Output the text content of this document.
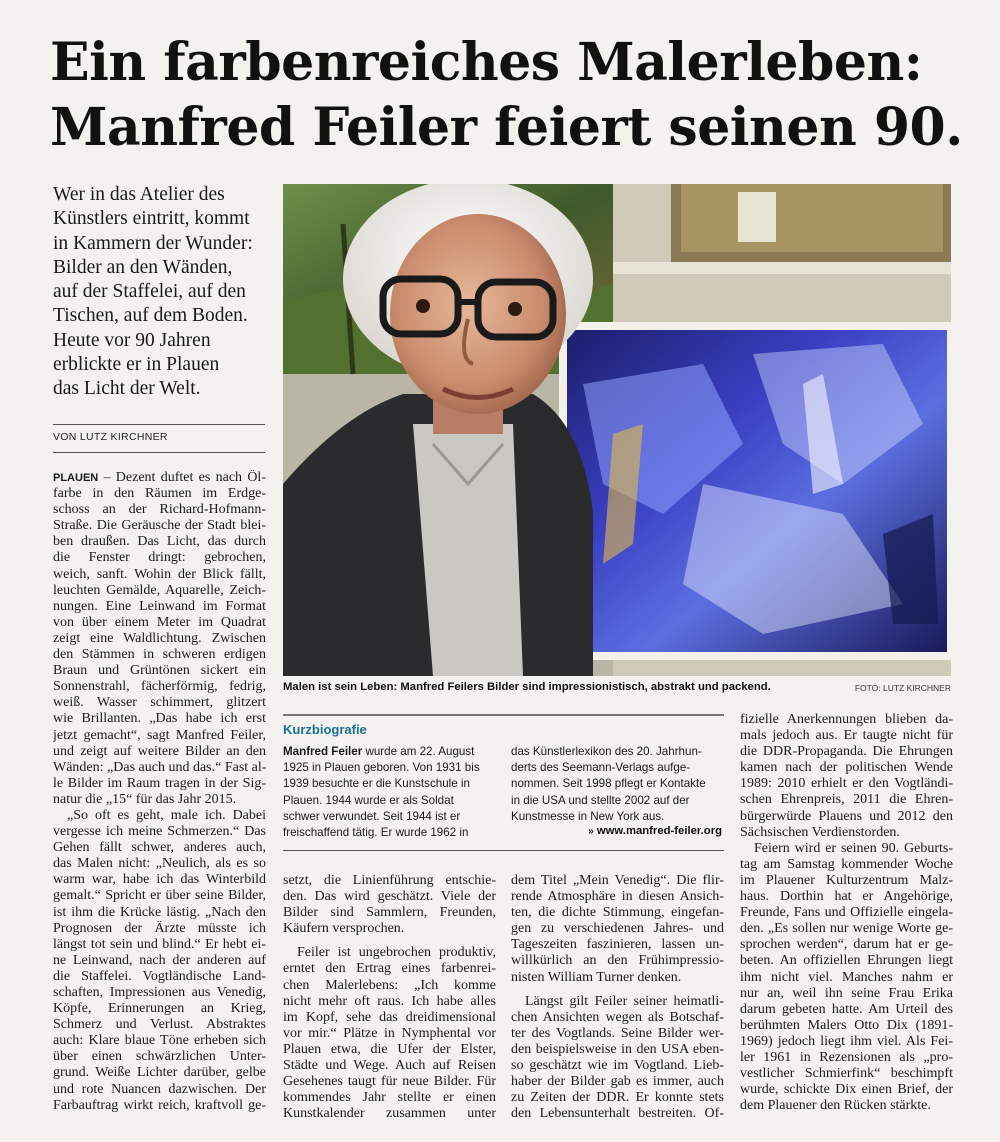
Ein farbenreiches Malerleben:
Manfred Feiler feiert seinen 90.

Wer in das Atelier des
Künstlers eintritt, kommt
in Kammern der Wunder:
Bilder an den Wänden,
auf der Staffelei, auf den
Tischen, auf dem Boden.
Heute vor 90 Jahren
erblickte er in Plauen
das Licht der Welt.

VON LUTZ KIRCHNER

PLAUEN – Dezent duftet es nach Öl-
farbe in den Räumen im Erdge-
schoss an der Richard-Hofmann-
Straße. Die Geräusche der Stadt blei-
ben draußen. Das Licht, das durch
die Fenster dringt: gebrochen,
weich, sanft. Wohin der Blick fällt,
leuchten Gemälde, Aquarelle, Zeich-
nungen. Eine Leinwand im Format
von über einem Meter im Quadrat
zeigt eine Waldlichtung. Zwischen
den Stämmen in schweren erdigen
Braun und Grüntönen sickert ein
Sonnenstrahl, fächerförmig, fedrig,
weiß. Wasser schimmert, glitzert
wie Brillanten. „Das habe ich erst
jetzt gemacht“, sagt Manfred Feiler,
und zeigt auf weitere Bilder an den
Wänden: „Das auch und das.“ Fast al-
le Bilder im Raum tragen in der Sig-
natur die „15“ für das Jahr 2015.
„So oft es geht, male ich. Dabei
vergesse ich meine Schmerzen.“ Das
Gehen fällt schwer, anderes auch,
das Malen nicht: „Neulich, als es so
warm war, habe ich das Winterbild
gemalt.“ Spricht er über seine Bilder,
ist ihm die Krücke lästig. „Nach den
Prognosen der Ärzte müsste ich
längst tot sein und blind.“ Er hebt ei-
ne Leinwand, nach der anderen auf
die Staffelei. Vogtländische Land-
schaften, Impressionen aus Venedig,
Köpfe, Erinnerungen an Krieg,
Schmerz und Verlust. Abstraktes
auch: Klare blaue Töne erheben sich
über einen schwärzlichen Unter-
grund. Weiße Lichter darüber, gelbe
und rote Nuancen dazwischen. Der
Farbauftrag wirkt reich, kraftvoll ge-
Malen ist sein Leben: Manfred Feilers Bilder sind impressionistisch, abstrakt und packend.	FOTO: LUTZ KIRCHNER

Kurzbiografie

Manfred Feiler wurde am 22. August
1925 in Plauen geboren. Von 1931 bis
1939 besuchte er die Kunstschule in
Plauen. 1944 wurde er als Soldat
schwer verwundet. Seit 1944 ist er
freischaffend tätig. Er wurde 1962 in
das Künstlerlexikon des 20. Jahrhun-
derts des Seemann-Verlags aufge-
nommen. Seit 1998 pflegt er Kontakte
in die USA und stellte 2002 auf der
Kunstmesse in New York aus.

» www.manfred-feiler.org

setzt, die Linienführung entschie-
den. Das wird geschätzt. Viele der
Bilder sind Sammlern, Freunden,
Käufern versprochen.
Feiler ist ungebrochen produktiv,
erntet den Ertrag eines farbenrei-
chen Malerlebens: „Ich komme
nicht mehr oft raus. Ich habe alles
im Kopf, sehe das dreidimensional
vor mir.“ Plätze in Nymphental vor
Plauen etwa, die Ufer der Elster,
Städte und Wege. Auch auf Reisen
Gesehenes taugt für neue Bilder. Für
kommendes Jahr stellte er einen
Kunstkalender zusammen unter
dem Titel „Mein Venedig“. Die flir-
rende Atmosphäre in diesen Ansich-
ten, die dichte Stimmung, eingefan-
gen zu verschiedenen Jahres- und
Tageszeiten faszinieren, lassen un-
willkürlich an den Frühimpressio-
nisten William Turner denken.
Längst gilt Feiler seiner heimatli-
chen Ansichten wegen als Botschaf-
ter des Vogtlands. Seine Bilder wer-
den beispielsweise in den USA eben-
so geschätzt wie im Vogtland. Lieb-
haber der Bilder gab es immer, auch
zu Zeiten der DDR. Er konnte stets
den Lebensunterhalt bestreiten. Of-
fizielle Anerkennungen blieben da-
mals jedoch aus. Er taugte nicht für
die DDR-Propaganda. Die Ehrungen
kamen nach der politischen Wende
1989: 2010 erhielt er den Vogtländi-
schen Ehrenpreis, 2011 die Ehren-
bürgerwürde Plauens und 2012 den
Sächsischen Verdienstorden.
Feiern wird er seinen 90. Geburts-
tag am Samstag kommender Woche
im Plauener Kulturzentrum Malz-
haus. Dorthin hat er Angehörige,
Freunde, Fans und Offizielle eingela-
den. „Es sollen nur wenige Worte ge-
sprochen werden“, darum hat er ge-
beten. An offiziellen Ehrungen liegt
ihm nicht viel. Manches nahm er
nur an, weil ihn seine Frau Erika
darum gebeten hatte. Am Urteil des
berühmten Malers Otto Dix (1891-
1969) jedoch liegt ihm viel. Als Fei-
ler 1961 in Rezensionen als „pro-
vestlicher Schmierfink“ beschimpft
wurde, schickte Dix einen Brief, der
dem Plauener den Rücken stärkte.
